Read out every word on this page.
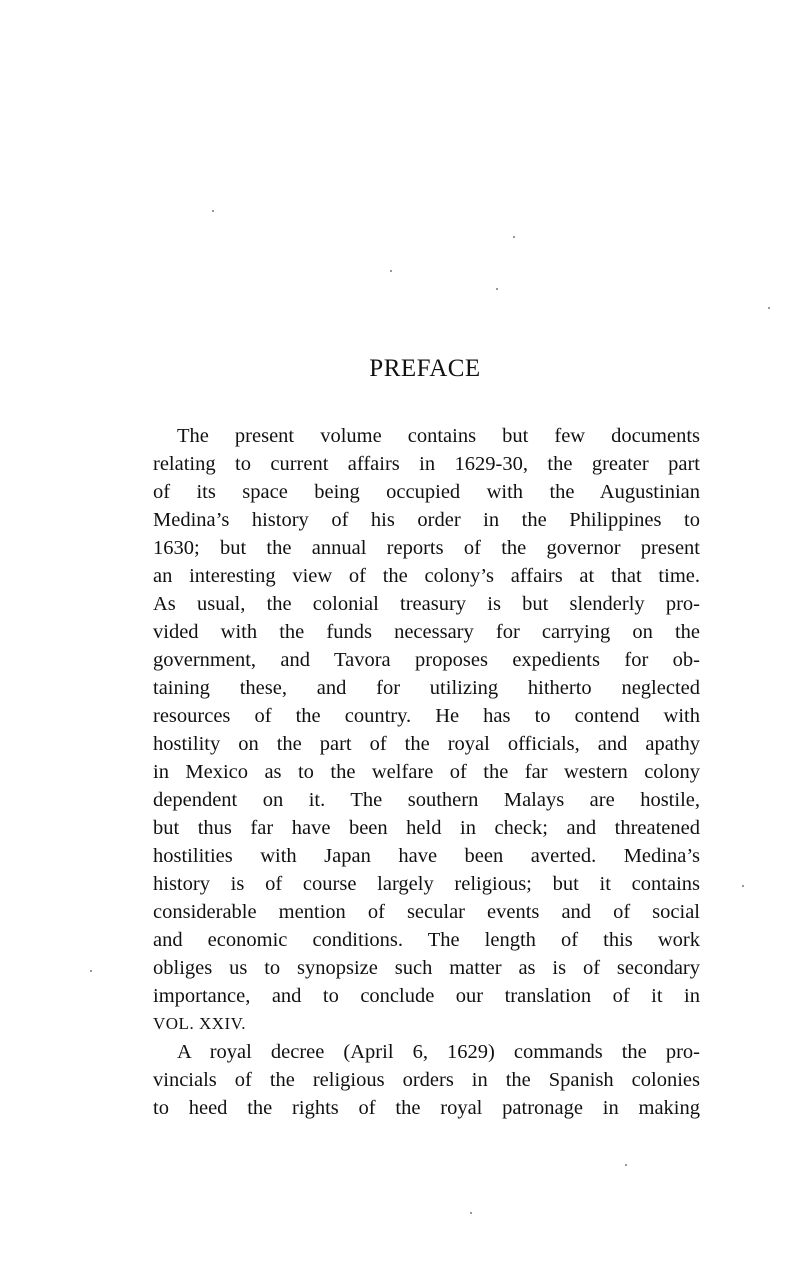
PREFACE
The present volume contains but few documents
relating to current affairs in 1629-30, the greater part
of its space being occupied with the Augustinian
Medina’s history of his order in the Philippines to
1630; but the annual reports of the governor present
an interesting view of the colony’s affairs at that time.
As usual, the colonial treasury is but slenderly pro-
vided with the funds necessary for carrying on the
government, and Tavora proposes expedients for ob-
taining these, and for utilizing hitherto neglected
resources of the country. He has to contend with
hostility on the part of the royal officials, and apathy
in Mexico as to the welfare of the far western colony
dependent on it. The southern Malays are hostile,
but thus far have been held in check; and threatened
hostilities with Japan have been averted. Medina’s
history is of course largely religious; but it contains
considerable mention of secular events and of social
and economic conditions. The length of this work
obliges us to synopsize such matter as is of secondary
importance, and to conclude our translation of it in
VOL. XXIV.
A royal decree (April 6, 1629) commands the pro-
vincials of the religious orders in the Spanish colonies
to heed the rights of the royal patronage in making
